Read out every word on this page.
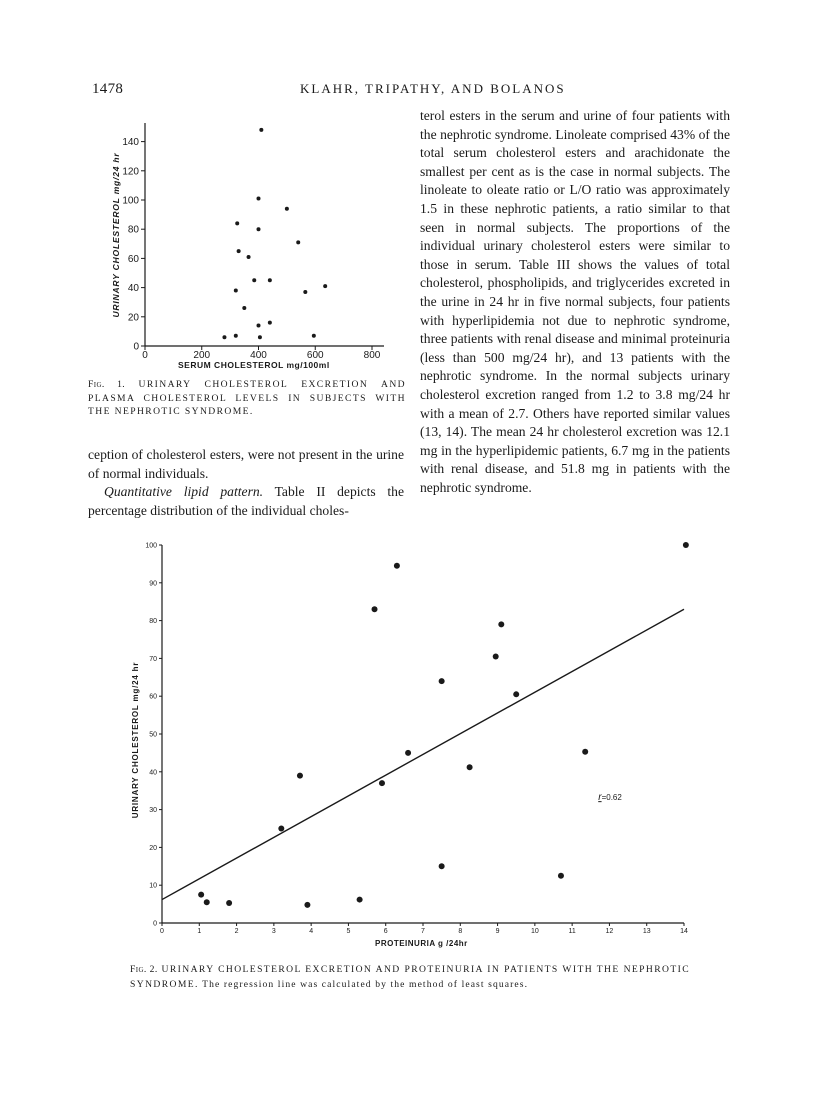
1478	KLAHR, TRIPATHY, AND BOLANOS
0	200	400	600	800
0
20
40
60
80
100
120
140
SERUM CHOLESTEROL mg/100ml
URINARY CHOLESTEROL mg/24 hr
Fig. 1. URINARY CHOLESTEROL EXCRETION AND PLASMA CHOLESTEROL LEVELS IN SUBJECTS WITH THE NEPHROTIC SYNDROME.

terol esters in the serum and urine of four patients with the nephrotic syndrome. Linoleate comprised 43% of the total serum cholesterol esters and arachidonate the smallest per cent as is the case in normal subjects. The linoleate to oleate ratio or L/O ratio was approximately 1.5 in these nephrotic patients, a ratio similar to that seen in normal subjects. The proportions of the individual urinary cholesterol esters were similar to those in serum. Table III shows the values of total cholesterol, phospholipids, and triglycerides excreted in the urine in 24 hr in five normal subjects, four patients with hyperlipidemia not due to nephrotic syndrome, three patients with renal disease and minimal proteinuria (less than 500 mg/24 hr), and 13 patients with the nephrotic syndrome. In the normal subjects urinary cholesterol excretion ranged from 1.2 to 3.8 mg/24 hr with a mean of 2.7. Others have reported similar values (13, 14). The mean 24 hr cholesterol excretion was 12.1 mg in the hyperlipidemic patients, 6.7 mg in the patients with renal disease, and 51.8 mg in patients with the nephrotic syndrome.

ception of cholesterol esters, were not present in the urine of normal individuals.

Quantitative lipid pattern. Table II depicts the percentage distribution of the individual choles-

0	1	2	3	4	5	6	7	8	9	10	11	12	13	14
0
10
20
30
40
50
60
70
80
90
100
PROTEINURIA g /24hr
URINARY CHOLESTEROL mg/24 hr	r=0.62
Fig. 2. URINARY CHOLESTEROL EXCRETION AND PROTEINURIA IN PATIENTS WITH THE NEPHROTIC SYNDROME. The regression line was calculated by the method of least squares.
